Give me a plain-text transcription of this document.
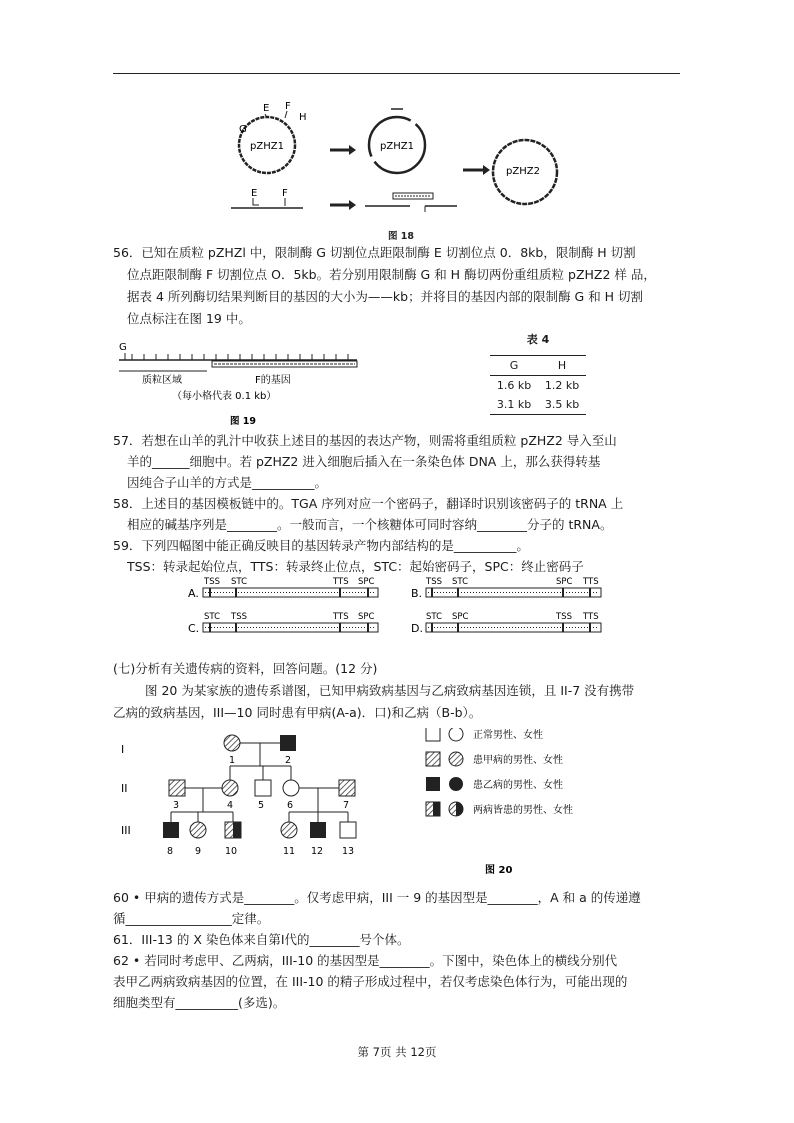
pZHZ1
E F
H
G
pZHZ1
pZHZ2
E F
图 18
56．已知在质粒 pZHZl 中，限制酶 G 切割位点距限制酶 E 切割位点 0．8kb，限制酶 H 切割
位点距限制酶 F 切割位点 O．5kb。若分别用限制酶 G 和 H 酶切两份重组质粒 pZHZ2 样 品，
据表 4 所列酶切结果判断目的基因的大小为——kb；并将目的基因内部的限制酶 G 和 H 切割
位点标注在图 19 中。
G
质粒区域	F的基因
（每小格代表 0.1 kb）
图 19
表 4
G	H
1.6 kb 1.2 kb
3.1 kb 3.5 kb
57．若想在山羊的乳汁中收获上述目的基因的表达产物，则需将重组质粒 pZHZ2 导入至山
羊的______细胞中。若 pZHZ2 进入细胞后插入在一条染色体 DNA 上，那么获得转基
因纯合子山羊的方式是__________。
58．上述目的基因模板链中的。TGA 序列对应一个密码子，翻译时识别该密码子的 tRNA 上
相应的碱基序列是________。一般而言，一个核糖体可同时容纳________分子的 tRNA。
59．下列四幅图中能正确反映目的基因转录产物内部结构的是__________。
TSS：转录起始位点，TTS：转录终止位点，STC：起始密码子，SPC：终止密码子
A.
TSS STC	TTS SPC
B.
TSS STC	SPC TTS
C.
STC TSS	TTS SPC
D.
STC SPC	TSS TTS
(七)分析有关遗传病的资料，回答问题。(12 分)
图 20 为某家族的遗传系谱图，已知甲病致病基因与乙病致病基因连锁，且 II-7 没有携带
乙病的致病基因，III—10 同时患有甲病(A-a)．口)和乙病（B-b）。
I
II
III
1	2
3	4	5 6	7
8 9	10	11 12 13
正常男性、女性
患甲病的男性、女性
患乙病的男性、女性
两病皆患的男性、女性
图 20
60 • 甲病的遗传方式是________。仅考虑甲病，III 一 9 的基因型是________，A 和 a 的传递遵
循_________________定律。
61．III-13 的 X 染色体来自第Ⅰ代的________号个体。
62 • 若同时考虑甲、乙两病，III-10 的基因型是________。下图中，染色体上的横线分别代
表甲乙两病致病基因的位置，在 III-10 的精子形成过程中，若仅考虑染色体行为，可能出现的
细胞类型有__________(多选)。
第 7页 共 12页
